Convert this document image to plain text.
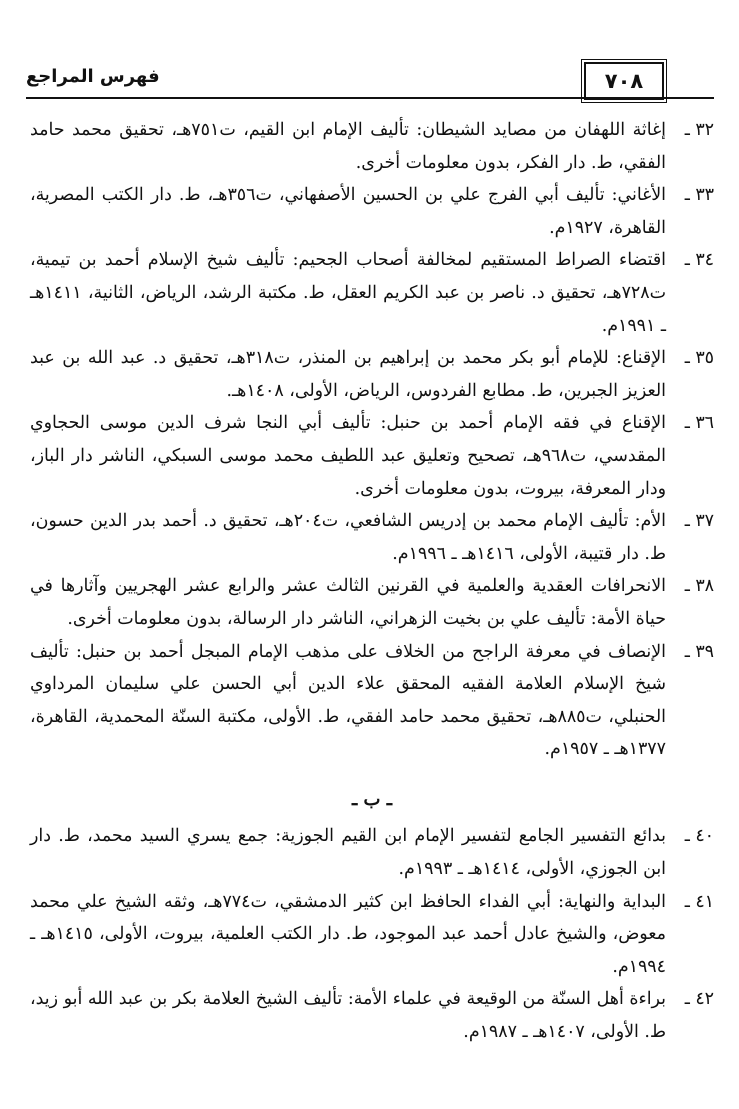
فهرس المراجع	٧٠٨
٣٢ ـ
إغاثة اللهفان من مصايد الشيطان: تأليف الإمام ابن القيم، ت٧٥١هـ، تحقيق محمد حامد الفقي، ط. دار الفكر، بدون معلومات أخرى.
٣٣ ـ
الأغاني: تأليف أبي الفرج علي بن الحسين الأصفهاني، ت٣٥٦هـ، ط. دار الكتب المصرية، القاهرة، ١٩٢٧م.
٣٤ ـ
اقتضاء الصراط المستقيم لمخالفة أصحاب الجحيم: تأليف شيخ الإسلام أحمد بن تيمية، ت٧٢٨هـ، تحقيق د. ناصر بن عبد الكريم العقل، ط. مكتبة الرشد، الرياض، الثانية، ١٤١١هـ ـ ١٩٩١م.
٣٥ ـ
الإقناع: للإمام أبو بكر محمد بن إبراهيم بن المنذر، ت٣١٨هـ، تحقيق د. عبد الله بن عبد العزيز الجبرين، ط. مطابع الفردوس، الرياض، الأولى، ١٤٠٨هـ.
٣٦ ـ
الإقناع في فقه الإمام أحمد بن حنبل: تأليف أبي النجا شرف الدين موسى الحجاوي المقدسي، ت٩٦٨هـ، تصحيح وتعليق عبد اللطيف محمد موسى السبكي، الناشر دار الباز، ودار المعرفة، بيروت، بدون معلومات أخرى.
٣٧ ـ
الأم: تأليف الإمام محمد بن إدريس الشافعي، ت٢٠٤هـ، تحقيق د. أحمد بدر الدين حسون، ط. دار قتيبة، الأولى، ١٤١٦هـ ـ ١٩٩٦م.
٣٨ ـ
الانحرافات العقدية والعلمية في القرنين الثالث عشر والرابع عشر الهجريين وآثارها في حياة الأمة: تأليف علي بن بخيت الزهراني، الناشر دار الرسالة، بدون معلومات أخرى.
٣٩ ـ
الإنصاف في معرفة الراجح من الخلاف على مذهب الإمام المبجل أحمد بن حنبل: تأليف شيخ الإسلام العلامة الفقيه المحقق علاء الدين أبي الحسن علي سليمان المرداوي الحنبلي، ت٨٨٥هـ، تحقيق محمد حامد الفقي، ط. الأولى، مكتبة السنّة المحمدية، القاهرة، ١٣٧٧هـ ـ ١٩٥٧م.
ـ ب ـ
٤٠ ـ
بدائع التفسير الجامع لتفسير الإمام ابن القيم الجوزية: جمع يسري السيد محمد، ط. دار ابن الجوزي، الأولى، ١٤١٤هـ ـ ١٩٩٣م.
٤١ ـ
البداية والنهاية: أبي الفداء الحافظ ابن كثير الدمشقي، ت٧٧٤هـ، وثقه الشيخ علي محمد معوض، والشيخ عادل أحمد عبد الموجود، ط. دار الكتب العلمية، بيروت، الأولى، ١٤١٥هـ ـ ١٩٩٤م.
٤٢ ـ
براءة أهل السنّة من الوقيعة في علماء الأمة: تأليف الشيخ العلامة بكر بن عبد الله أبو زيد، ط. الأولى، ١٤٠٧هـ ـ ١٩٨٧م.
